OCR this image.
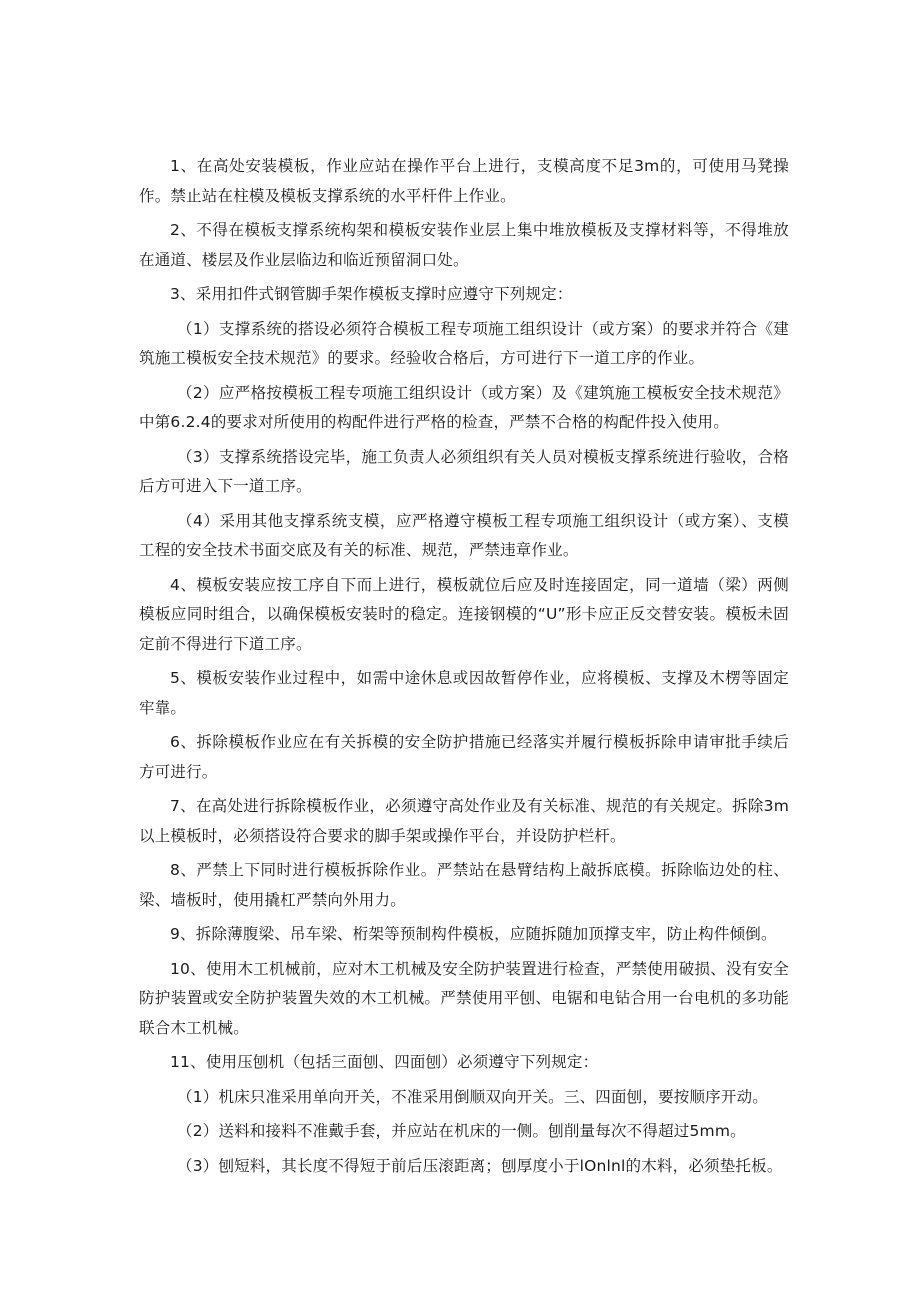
1、在高处安装模板，作业应站在操作平台上进行，支模高度不足3m的，可使用马凳操作。禁止站在柱模及模板支撑系统的水平杆件上作业。

2、不得在模板支撑系统构架和模板安装作业层上集中堆放模板及支撑材料等，不得堆放在通道、楼层及作业层临边和临近预留洞口处。

3、采用扣件式钢管脚手架作模板支撑时应遵守下列规定：

（1）支撑系统的搭设必须符合模板工程专项施工组织设计（或方案）的要求并符合《建筑施工模板安全技术规范》的要求。经验收合格后，方可进行下一道工序的作业。

（2）应严格按模板工程专项施工组织设计（或方案）及《建筑施工模板安全技术规范》中第6.2.4的要求对所使用的构配件进行严格的检查，严禁不合格的构配件投入使用。

（3）支撑系统搭设完毕，施工负责人必须组织有关人员对模板支撑系统进行验收，合格后方可进入下一道工序。

（4）采用其他支撑系统支模，应严格遵守模板工程专项施工组织设计（或方案）、支模工程的安全技术书面交底及有关的标准、规范，严禁违章作业。

4、模板安装应按工序自下而上进行，模板就位后应及时连接固定，同一道墙（梁）两侧模板应同时组合，以确保模板安装时的稳定。连接钢模的“U”形卡应正反交替安装。模板未固定前不得进行下道工序。

5、模板安装作业过程中，如需中途休息或因故暂停作业，应将模板、支撑及木楞等固定牢靠。

6、拆除模板作业应在有关拆模的安全防护措施已经落实并履行模板拆除申请审批手续后方可进行。

7、在高处进行拆除模板作业，必须遵守高处作业及有关标准、规范的有关规定。拆除3m以上模板时，必须搭设符合要求的脚手架或操作平台，并设防护栏杆。

8、严禁上下同时进行模板拆除作业。严禁站在悬臂结构上敲拆底模。拆除临边处的柱、梁、墙板时，使用撬杠严禁向外用力。

9、拆除薄腹梁、吊车梁、桁架等预制构件模板，应随拆随加顶撑支牢，防止构件倾倒。

10、使用木工机械前，应对木工机械及安全防护装置进行检查，严禁使用破损、没有安全防护装置或安全防护装置失效的木工机械。严禁使用平刨、电锯和电钻合用一台电机的多功能联合木工机械。

11、使用压刨机（包括三面刨、四面刨）必须遵守下列规定：

（1）机床只准采用单向开关，不准采用倒顺双向开关。三、四面刨，要按顺序开动。

（2）送料和接料不准戴手套，并应站在机床的一侧。刨削量每次不得超过5mm。

（3）刨短料，其长度不得短于前后压滚距离；刨厚度小于lOnlnl的木料，必须垫托板。
